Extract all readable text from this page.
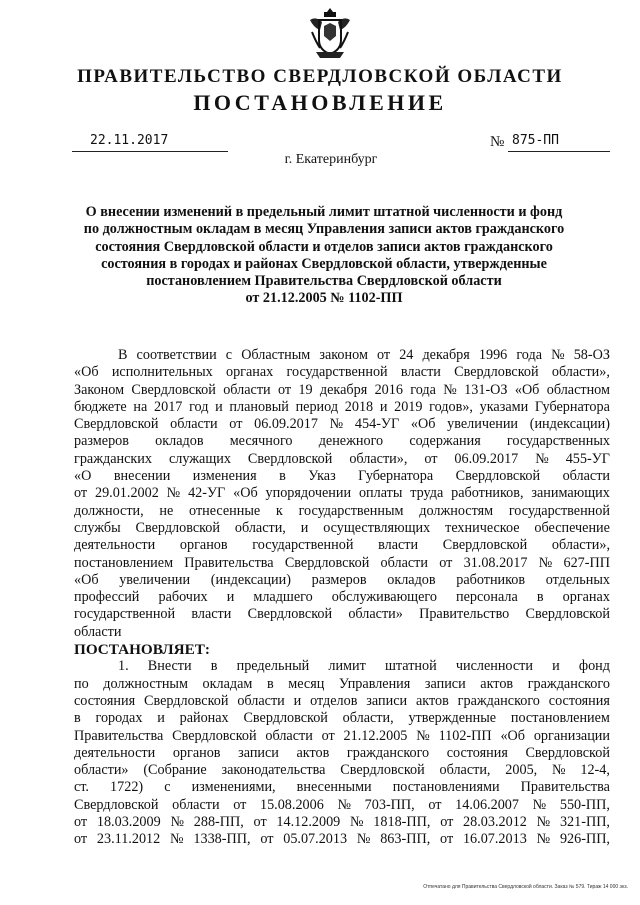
ПРАВИТЕЛЬСТВО СВЕРДЛОВСКОЙ ОБЛАСТИ
ПОСТАНОВЛЕНИЕ
22.11.2017	№ 875-ПП
г. Екатеринбург
О внесении изменений в предельный лимит штатной численности и фонд
по должностным окладам в месяц Управления записи актов гражданского
состояния Свердловской области и отделов записи актов гражданского
состояния в городах и районах Свердловской области, утвержденные
постановлением Правительства Свердловской области
от 21.12.2005 № 1102-ПП
В соответствии с Областным законом от 24 декабря 1996 года № 58-ОЗ
«Об исполнительных органах государственной власти Свердловской области»,
Законом Свердловской области от 19 декабря 2016 года № 131-ОЗ «Об областном
бюджете на 2017 год и плановый период 2018 и 2019 годов», указами Губернатора
Свердловской области от 06.09.2017 № 454-УГ «Об увеличении (индексации)
размеров окладов месячного денежного содержания государственных
гражданских служащих Свердловской области», от 06.09.2017 № 455-УГ
«О внесении изменения в Указ Губернатора Свердловской области
от 29.01.2002 № 42-УГ «Об упорядочении оплаты труда работников, занимающих
должности, не отнесенные к государственным должностям государственной
службы Свердловской области, и осуществляющих техническое обеспечение
деятельности органов государственной власти Свердловской области»,
постановлением Правительства Свердловской области от 31.08.2017 № 627-ПП
«Об увеличении (индексации) размеров окладов работников отдельных
профессий рабочих и младшего обслуживающего персонала в органах
государственной власти Свердловской области» Правительство Свердловской
области
ПОСТАНОВЛЯЕТ:
1. Внести в предельный лимит штатной численности и фонд
по должностным окладам в месяц Управления записи актов гражданского
состояния Свердловской области и отделов записи актов гражданского состояния
в городах и районах Свердловской области, утвержденные постановлением
Правительства Свердловской области от 21.12.2005 № 1102-ПП «Об организации
деятельности органов записи актов гражданского состояния Свердловской
области» (Собрание законодательства Свердловской области, 2005, № 12-4,
ст. 1722) с изменениями, внесенными постановлениями Правительства
Свердловской области от 15.08.2006 № 703-ПП, от 14.06.2007 № 550-ПП,
от 18.03.2009 № 288-ПП, от 14.12.2009 № 1818-ПП, от 28.03.2012 № 321-ПП,
от 23.11.2012 № 1338-ПП, от 05.07.2013 № 863-ПП, от 16.07.2013 № 926-ПП,
Отпечатано для Правительства Свердловской области. Заказ № 579. Тираж 14 000 экз.
